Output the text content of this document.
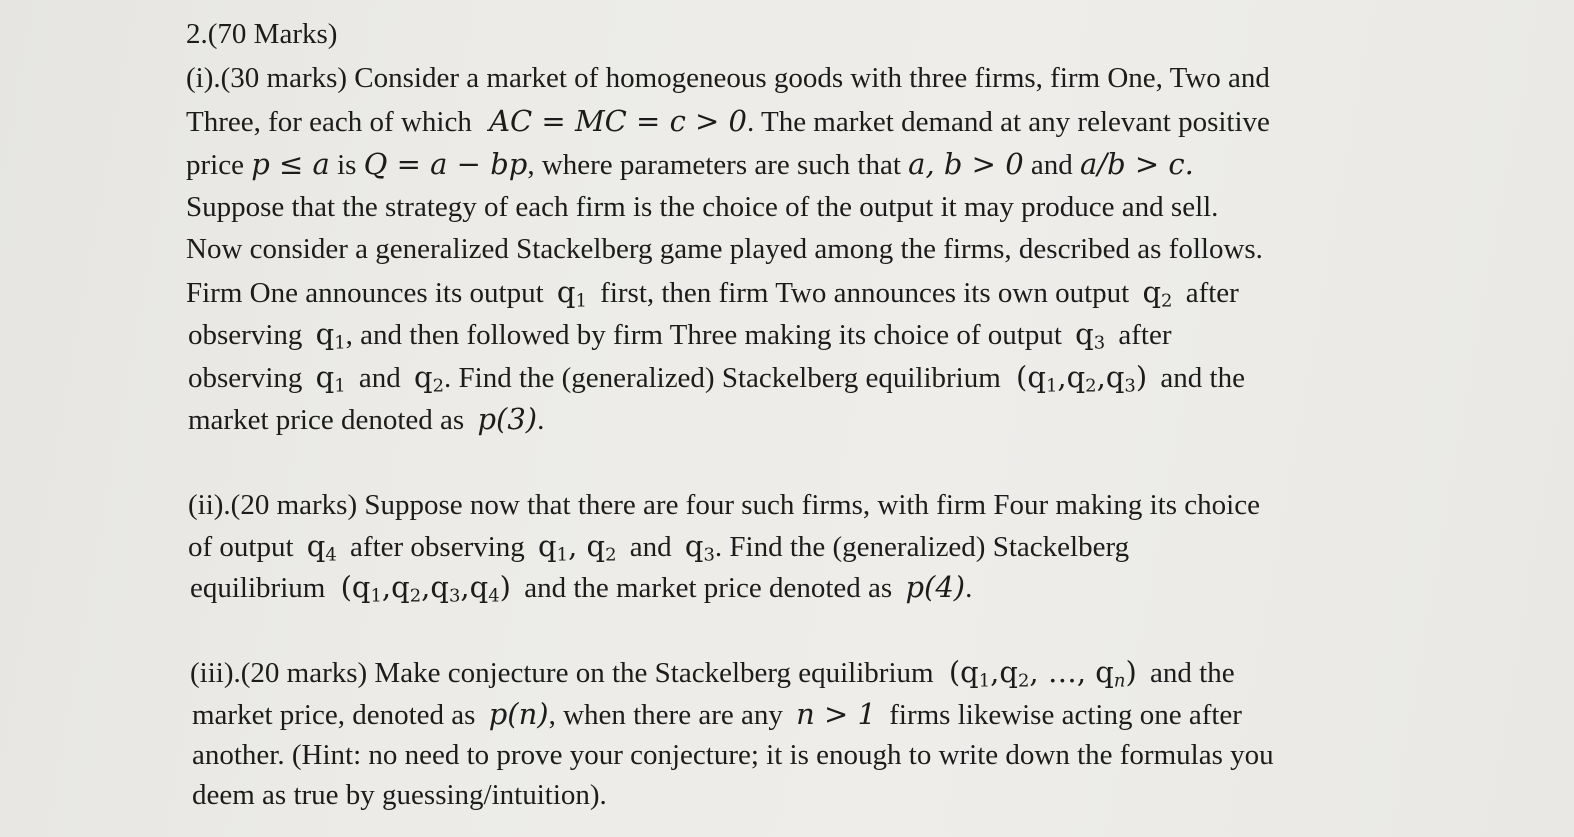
2.(70 Marks)
(i).(30 marks) Consider a market of homogeneous goods with three firms, firm One, Two and
Three, for each of which AC = MC = c > 0. The market demand at any relevant positive
price p ≤ a is Q = a − bp, where parameters are such that a, b > 0 and a/b > c.
Suppose that the strategy of each firm is the choice of the output it may produce and sell.
Now consider a generalized Stackelberg game played among the firms, described as follows.
Firm One announces its output $q_1$ first, then firm Two announces its own output $q_2$ after
observing $q_1$, and then followed by firm Three making its choice of output $q_3$ after
observing $q_1$ and $q_2$. Find the (generalized) Stackelberg equilibrium $(q_1,q_2,q_3)$ and the
market price denoted as p(3).
(ii).(20 marks) Suppose now that there are four such firms, with firm Four making its choice
of output $q_4$ after observing $q_1$, $q_2$ and $q_3$. Find the (generalized) Stackelberg
equilibrium $(q_1,q_2,q_3,q_4)$ and the market price denoted as p(4).
(iii).(20 marks) Make conjecture on the Stackelberg equilibrium ($q_1,q_2$, …, $q_n$) and the
market price, denoted as p(n), when there are any n > 1 firms likewise acting one after
another. (Hint: no need to prove your conjecture; it is enough to write down the formulas you
deem as true by guessing/intuition).
